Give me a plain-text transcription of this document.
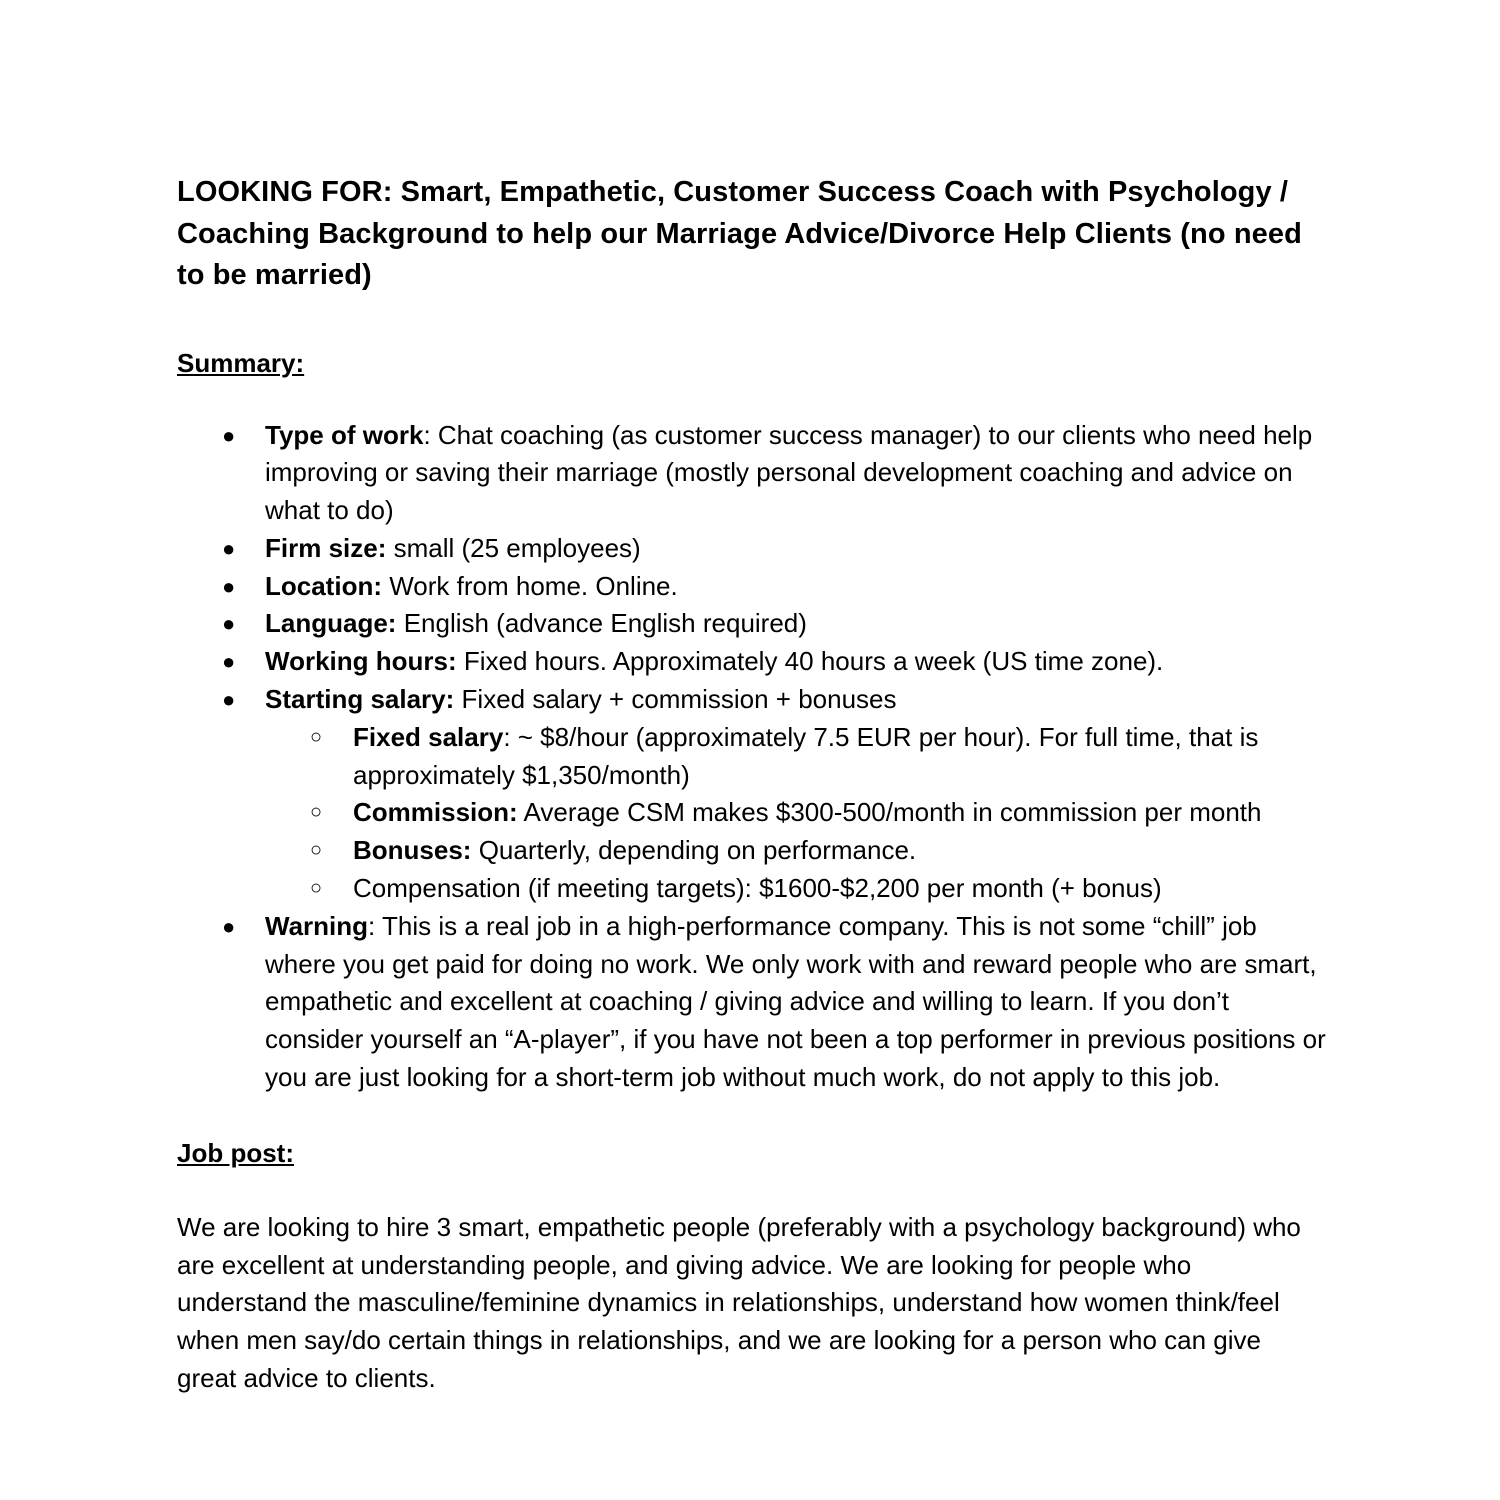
LOOKING FOR: Smart, Empathetic, Customer Success Coach with Psychology / Coaching Background to help our Marriage Advice/Divorce Help Clients (no need to be married)
Summary:
● Type of work: Chat coaching (as customer success manager) to our clients who need help improving or saving their marriage (mostly personal development coaching and advice on what to do)
● Firm size: small (25 employees)
● Location: Work from home. Online.
● Language: English (advance English required)
● Working hours: Fixed hours. Approximately 40 hours a week (US time zone).
● Starting salary: Fixed salary + commission + bonuses
○ Fixed salary: ~ $8/hour (approximately 7.5 EUR per hour). For full time, that is approximately $1,350/month)
○ Commission: Average CSM makes $300-500/month in commission per month
○ Bonuses: Quarterly, depending on performance.
○ Compensation (if meeting targets): $1600-$2,200 per month (+ bonus)
● Warning: This is a real job in a high-performance company. This is not some “chill” job where you get paid for doing no work. We only work with and reward people who are smart, empathetic and excellent at coaching / giving advice and willing to learn. If you don’t consider yourself an “A-player”, if you have not been a top performer in previous positions or you are just looking for a short-term job without much work, do not apply to this job.
Job post:

We are looking to hire 3 smart, empathetic people (preferably with a psychology background) who are excellent at understanding people, and giving advice. We are looking for people who understand the masculine/feminine dynamics in relationships, understand how women think/feel when men say/do certain things in relationships, and we are looking for a person who can give great advice to clients.
